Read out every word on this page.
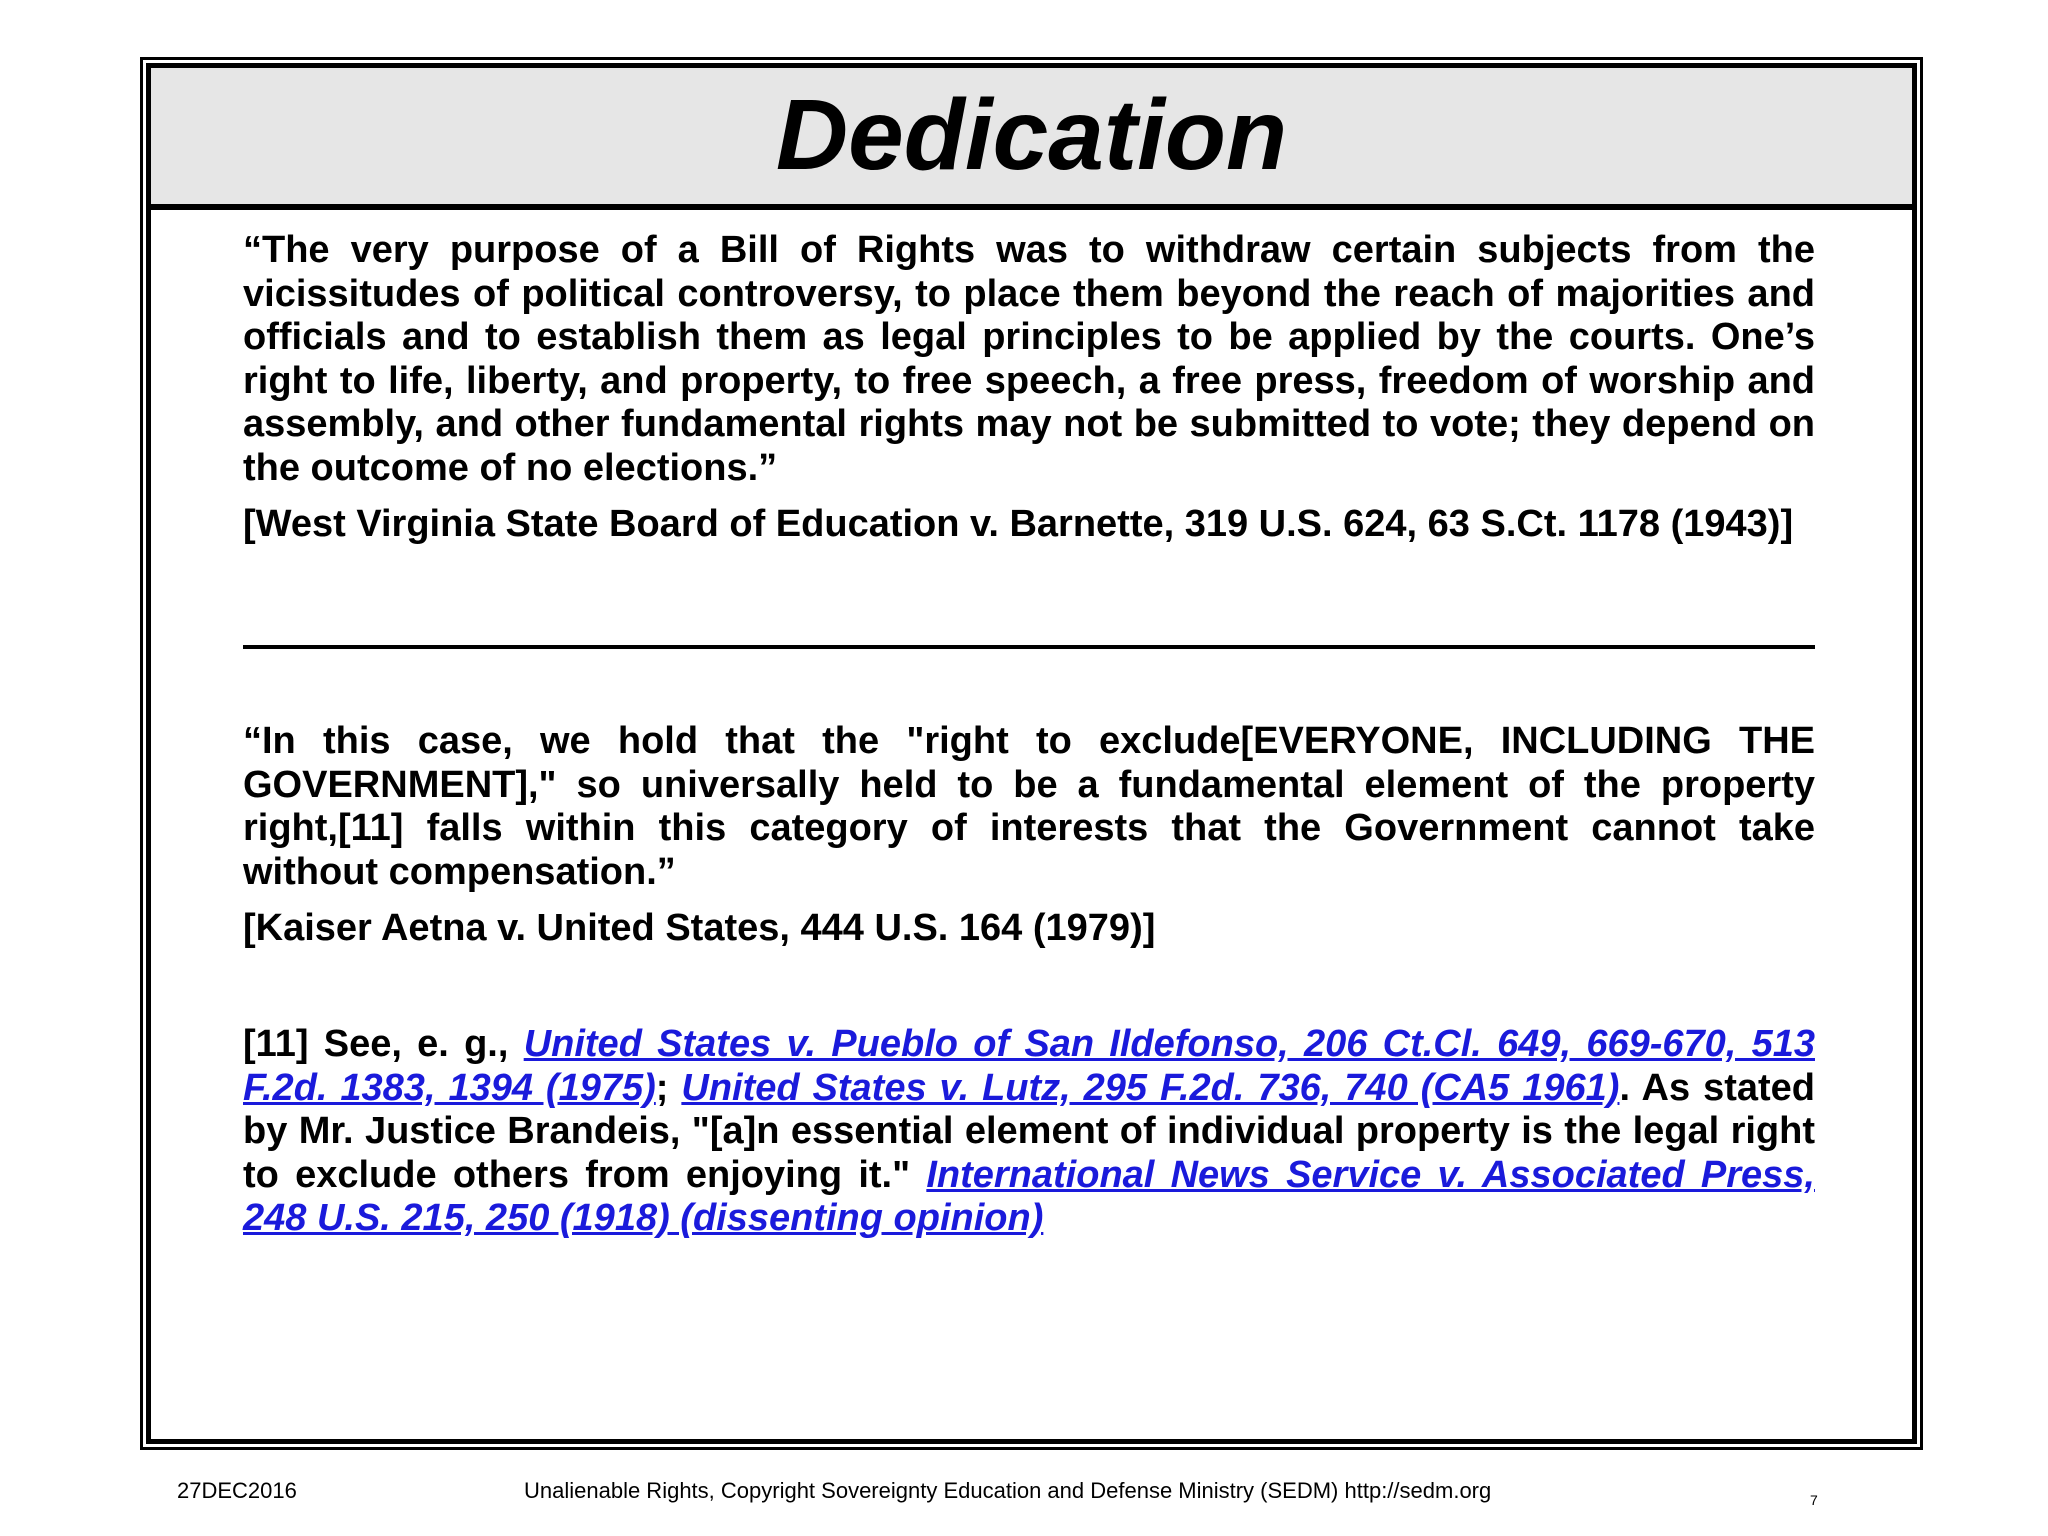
Dedication

“The very purpose of a Bill of Rights was to withdraw certain subjects from the vicissitudes of political controversy, to place them beyond the reach of majorities and officials and to establish them as legal principles to be applied by the courts. One’s right to life, liberty, and property, to free speech, a free press, freedom of worship and assembly, and other fundamental rights may not be submitted to vote; they depend on the outcome of no elections.”

[West Virginia State Board of Education v. Barnette, 319 U.S. 624, 63 S.Ct. 1178 (1943)]

“In this case, we hold that the "right to exclude[EVERYONE, INCLUDING THE GOVERNMENT]," so universally held to be a fundamental element of the property right,[11] falls within this category of interests that the Government cannot take without compensation.”

[Kaiser Aetna v. United States, 444 U.S. 164 (1979)]

[11] See, e. g., United States v. Pueblo of San Ildefonso, 206 Ct.Cl. 649, 669-670, 513 F.2d. 1383, 1394 (1975); United States v. Lutz, 295 F.2d. 736, 740 (CA5 1961). As stated by Mr. Justice Brandeis, "[a]n essential element of individual property is the legal right to exclude others from enjoying it." International News Service v. Associated Press, 248 U.S. 215, 250 (1918) (dissenting opinion)

27DEC2016	Unalienable Rights, Copyright Sovereignty Education and Defense Ministry (SEDM) http://sedm.org	7
